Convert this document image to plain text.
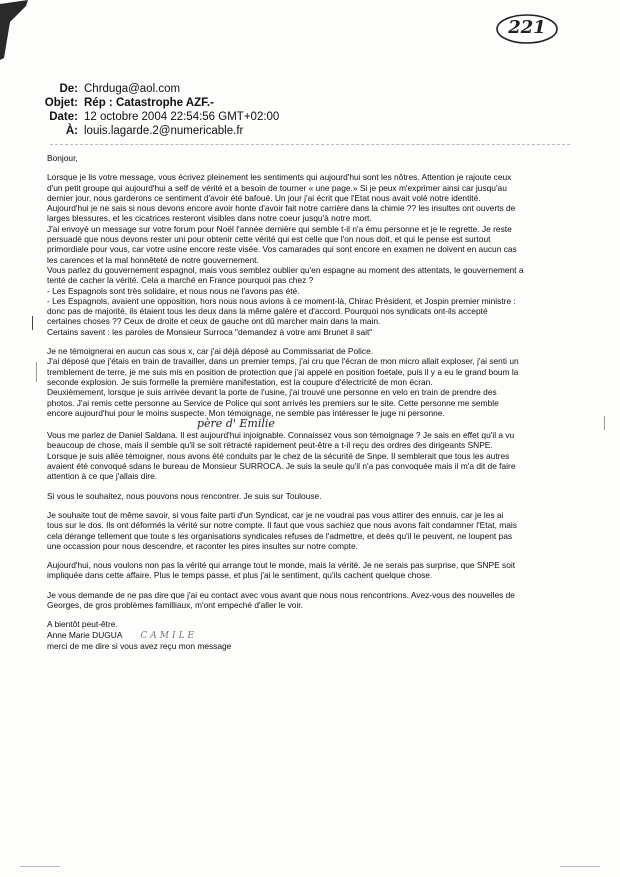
221
De: Chrduga@aol.com
Objet: Rép : Catastrophe AZF.-
Date: 12 octobre 2004 22:54:56 GMT+02:00
À: louis.lagarde.2@numericable.fr

Bonjour,

Lorsque je lis votre message, vous écrivez pleinement les sentiments qui aujourd'hui sont les nôtres. Attention je rajoute ceux
d'un petit groupe qui aujourd'hui a self de vérité et a besoin de tourner « une page.» Si je peux m'exprimer ainsi car jusqu'au
dernier jour, nous garderons ce sentiment d'avoir été bafoué. Un jour j'ai écrit que l'Etat nous avait volé notre identité.
Aujourd'hui je ne sais si nous devons encore avoir honte d'avoir fait notre carrière dans la chimie ?? les insultes ont ouverts de
larges blessures, et les cicatrices resteront visibles dans notre coeur jusqu'à notre mort.
J'ai envoyé un message sur votre forum pour Noël l'année dernière qui semble t-il n'a ému personne et je le regrette. Je reste
persuadé que nous devons rester uni pour obtenir cette vérité qui est celle que l'on nous doit, et qui le pense est surtout
primordiale pour vous, car votre usine encore reste visée. Vos camarades qui sont encore en examen ne doivent en aucun cas
les carences et la mal honnêteté de notre gouvernement.
Vous parlez du gouvernement espagnol, mais vous semblez oublier qu'en espagne au moment des attentats, le gouvernement a
tenté de cacher la vérité. Cela a marché en France pourquoi pas chez ?
- Les Espagnols sont très solidaire, et nous nous ne l'avons pas été.
- Les Espagnols, avaient une opposition, hors nous nous avions à ce moment-là, Chirac Président, et Jospin premier ministre :
donc pas de majorité, ils étaient tous les deux dans la même galère et d'accord. Pourquoi nos syndicats ont-ils accepté
certaines choses ?? Ceux de droite et ceux de gauche ont dû marcher main dans la main.
Certains savent : les paroles de Monsieur Surroca "demandez à votre ami Brunet il sait"

Je ne témoignerai en aucun cas sous x, car j'ai déjà déposé au Commissariat de Police.
J'ai déposé que j'étais en train de travailler, dans un premier temps, j'ai cru que l'écran de mon micro allait exploser, j'ai senti un
tremblement de terre, je me suis mis en position de protection que j'ai appelé en position foetale, puis il y a eu le grand boum la
seconde explosion. Je suis formelle la première manifestation, est la coupure d'électricité de mon écran.
Deuxièmement, lorsque je suis arrivée devant la porte de l'usine, j'ai trouvé une personne en velo en train de prendre des
photos. J'ai remis cette personne au Service de Police qui sont arrivés les premiers sur le site. Cette personne me semble
encore aujourd'hui pour le moins suspecte. Mon témoignage, ne semble pas intéresser le juge ni personne.

père d' Emilie

Vous me parlez de Daniel Saldana. Il est aujourd'hui injoignable. Connaissez vous son témoignage ? Je sais en effet qu'il a vu
beaucoup de chose, mais il semble qu'il se soit rétracté rapidement peut-être a t-il reçu des ordres des dirigeants SNPE.
Lorsque je suis allée témoigner, nous avons été conduits par le chez de la sécurité de Snpe. Il semblerait que tous les autres
avaient été convoqué sdans le bureau de Monsieur SURROCA. Je suis la seule qu'il n'a pas convoquée mais il m'a dit de faire
attention à ce que j'allais dire.

Si vous le souhaitez, nous pouvons nous rencontrer. Je suis sur Toulouse.

Je souhaite tout de même savoir, si vous faite parti d'un Syndicat, car je ne voudrai pas vous attirer des ennuis, car je les ai
tous sur le dos. Ils ont déformés la vérité sur notre compte. Il faut que vous sachiez que nous avons fait condamner l'Etat, mais
cela dérange tellement que toute s les organisations syndicales refuses de l'admettre, et deès qu'il le peuvent, ne loupent pas
une occassion pour nous descendre, et raconter les pires insultes sur notre compte.

Aujourd'hui, nous voulons non pas la vérité qui arrange tout le monde, mais la vérité. Je ne serais pas surprise, que SNPE soit
impliquée dans cette affaire. Plus le temps passe, et plus j'ai le sentiment, qu'ils cachent quelque chose.

Je vous demande de ne pas dire que j'ai eu contact avec vous avant que nous nous rencontrions. Avez-vous des nouvelles de
Georges, de gros problèmes familliaux, m'ont empeché d'aller le voir.

A bientôt peut-être.
Anne Marie DUGUA CAMILE
merci de me dire si vous avez reçu mon message
